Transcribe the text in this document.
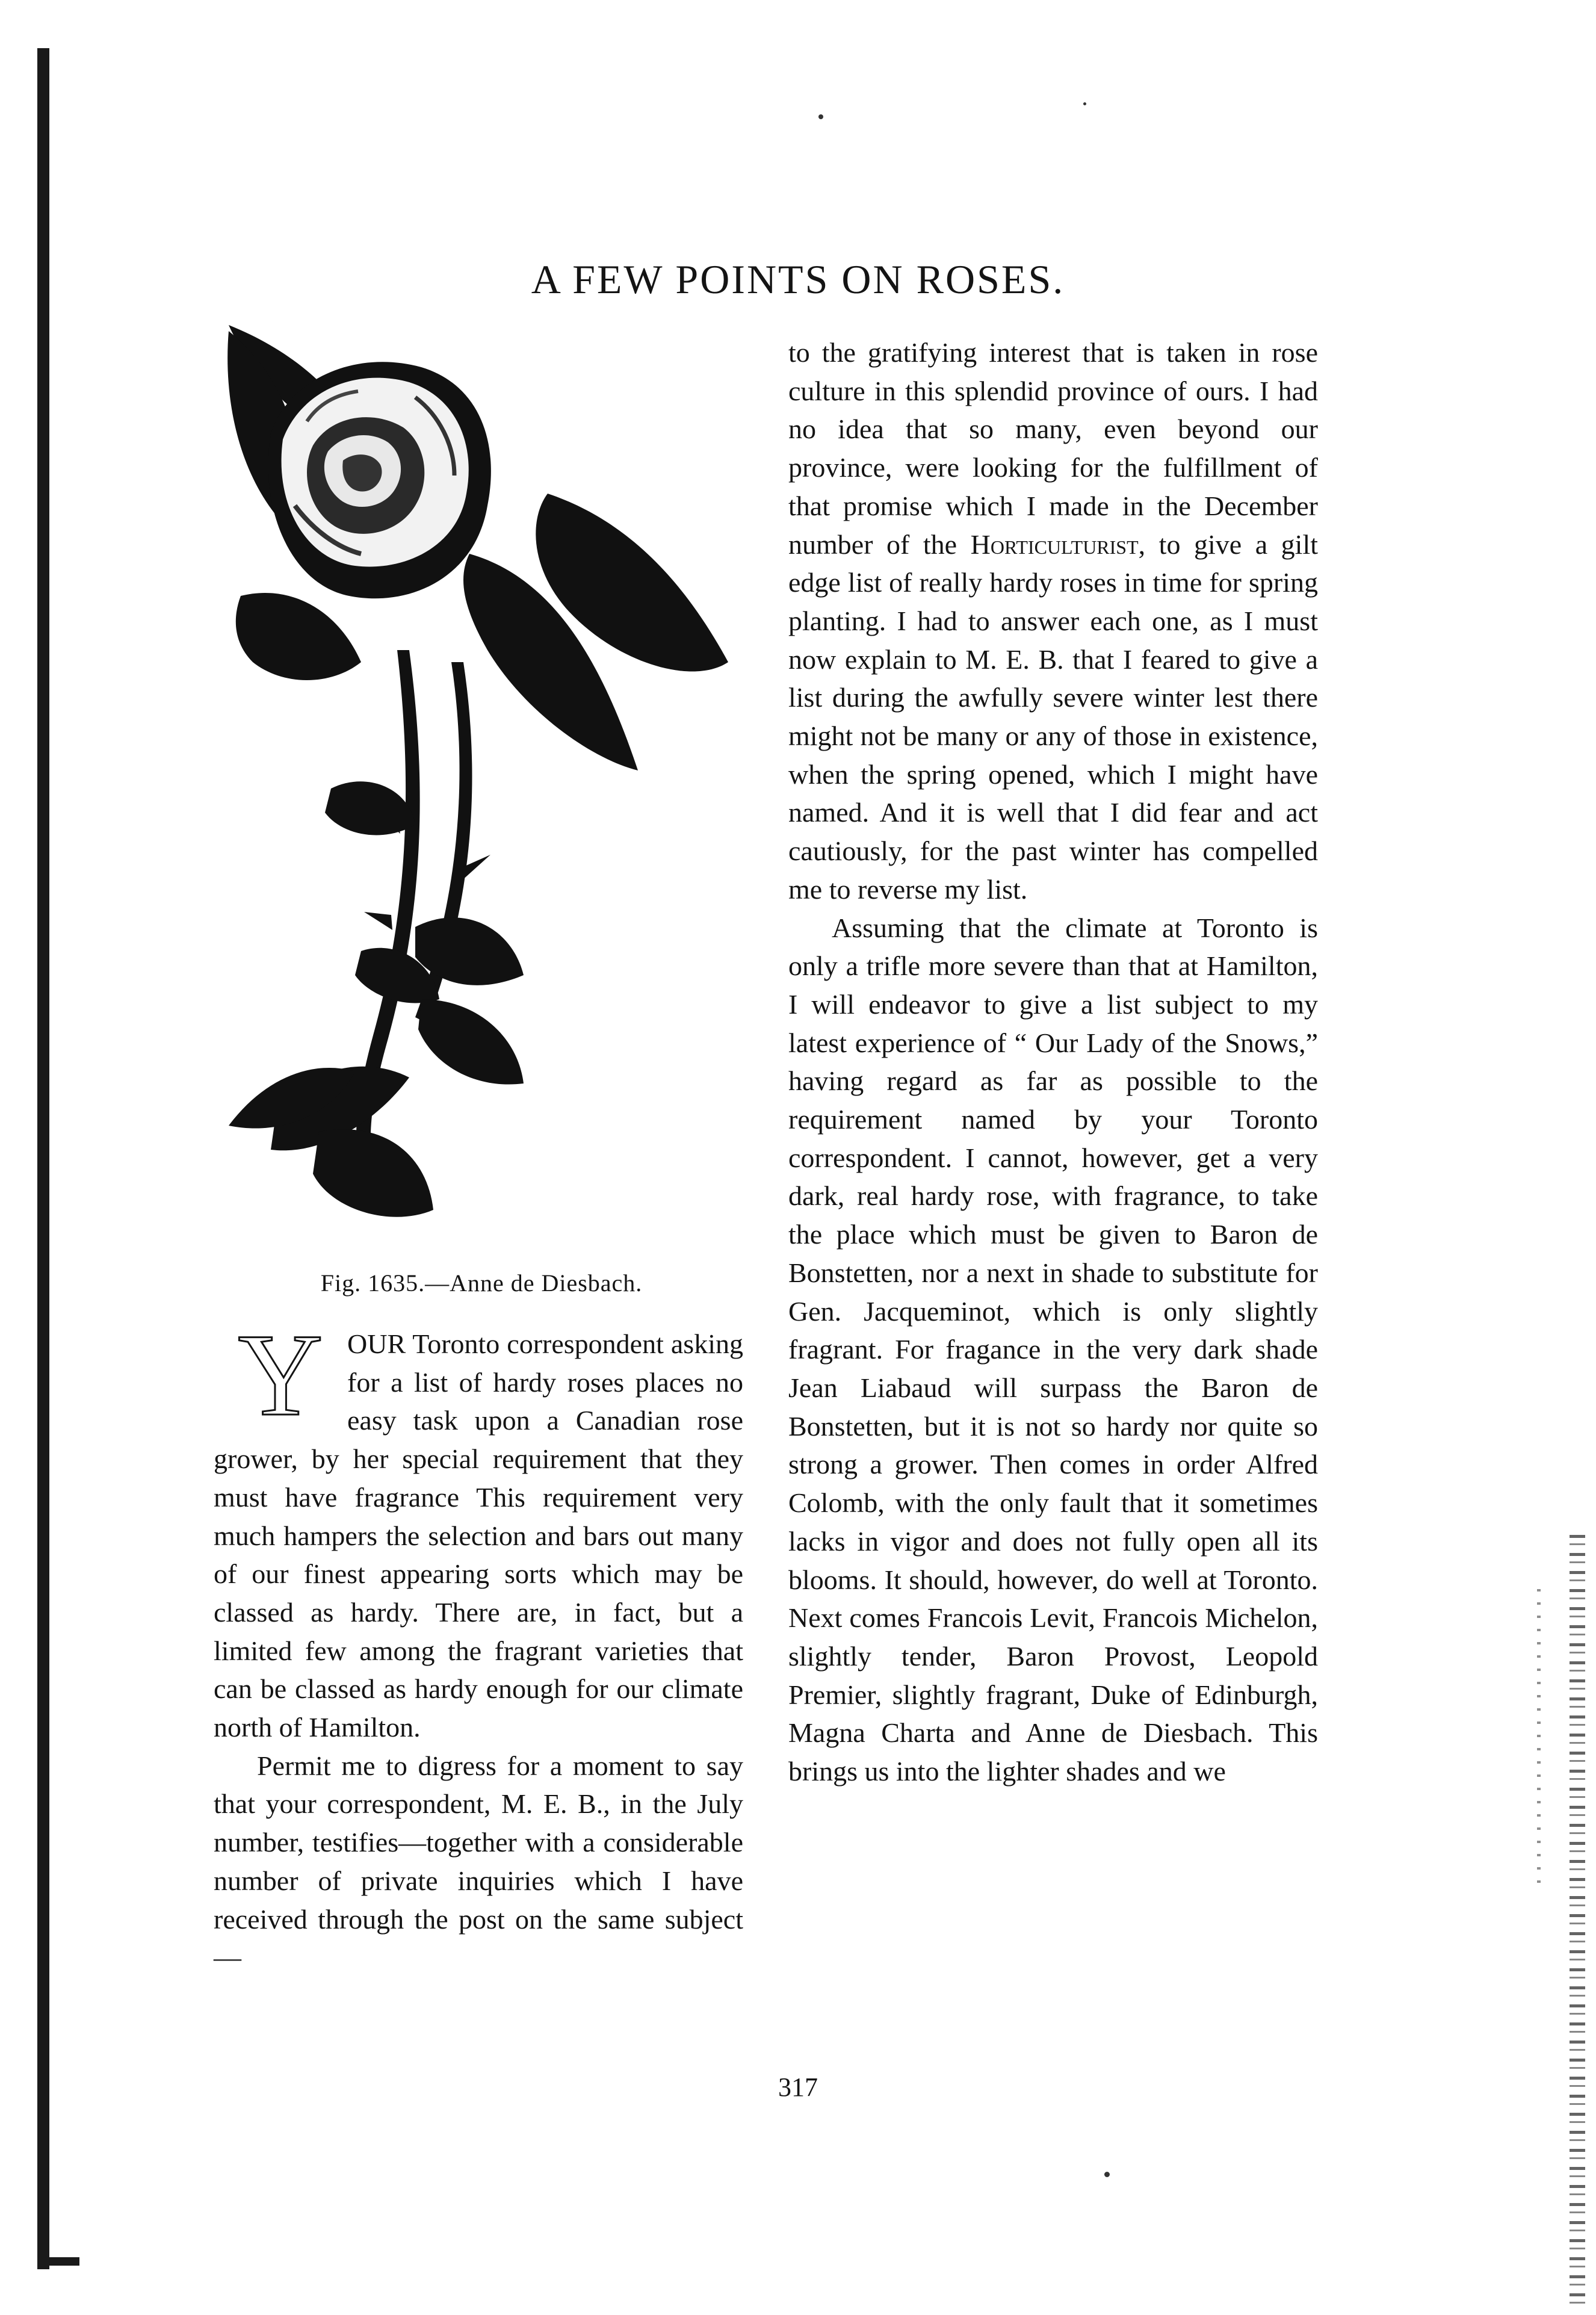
A FEW POINTS ON ROSES.
Fig. 1635.—Anne de Diesbach.

YOUR Toronto correspondent asking for a list of hardy roses places no easy task upon a Canadian rose grower, by her special requirement that they must have fragrance This requirement very much hampers the selection and bars out many of our finest appearing sorts which may be classed as hardy. There are, in fact, but a limited few among the fragrant varieties that can be classed as hardy enough for our climate north of Hamilton.

Permit me to digress for a moment to say that your correspondent, M. E. B., in the July number, testifies—together with a considerable number of private inquiries which I have received through the post on the same subject—

to the gratifying interest that is taken in rose culture in this splendid province of ours. I had no idea that so many, even beyond our province, were looking for the fulfillment of that promise which I made in the December number of the Horticulturist, to give a gilt edge list of really hardy roses in time for spring planting. I had to answer each one, as I must now explain to M. E. B. that I feared to give a list during the awfully severe winter lest there might not be many or any of those in existence, when the spring opened, which I might have named. And it is well that I did fear and act cautiously, for the past winter has compelled me to reverse my list.

Assuming that the climate at Toronto is only a trifle more severe than that at Hamilton, I will endeavor to give a list subject to my latest experience of “ Our Lady of the Snows,” having regard as far as possible to the requirement named by your Toronto correspondent. I cannot, however, get a very dark, real hardy rose, with fragrance, to take the place which must be given to Baron de Bonstetten, nor a next in shade to substitute for Gen. Jacqueminot, which is only slightly fragrant. For fragance in the very dark shade Jean Liabaud will surpass the Baron de Bonstetten, but it is not so hardy nor quite so strong a grower. Then comes in order Alfred Colomb, with the only fault that it sometimes lacks in vigor and does not fully open all its blooms. It should, however, do well at Toronto. Next comes Francois Levit, Francois Michelon, slightly tender, Baron Provost, Leopold Premier, slightly fragrant, Duke of Edinburgh, Magna Charta and Anne de Diesbach. This brings us into the lighter shades and we

317
